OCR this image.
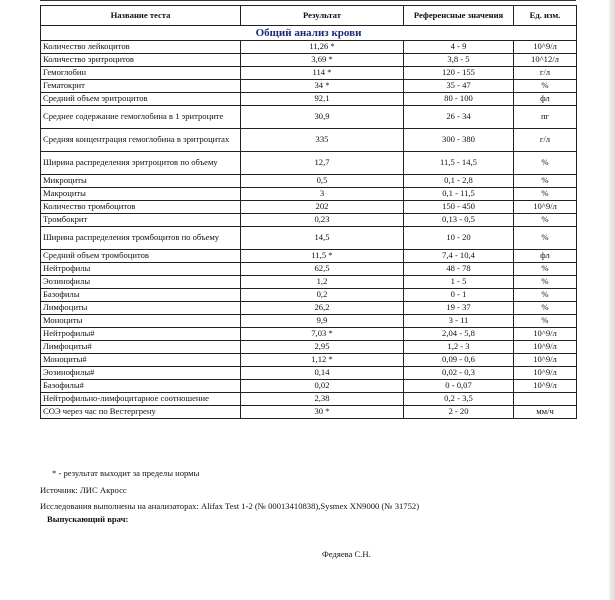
Название теста	Результат	Референсные значения	Ед. изм.
Общий анализ крови			
Количество лейкоцитов	11,26 *	4 - 9	10^9/л
Количество эритроцитов	3,69 *	3,8 - 5	10^12/л
Гемоглобин	114 *	120 - 155	г/л
Гематокрит	34 *	35 - 47	%
Средний объем эритроцитов	92,1	80 - 100	фл
Среднее содержание гемоглобина в 1 эритроците	30,9	26 - 34	пг
Средняя концентрация гемоглобина в эритроцитах	335	300 - 380	г/л
Ширина распределения эритроцитов по объему	12,7	11,5 - 14,5	%
Микроциты	0,5	0,1 - 2,8	%
Макроциты	3	0,1 - 11,5	%
Количество тромбоцитов	202	150 - 450	10^9/л
Тромбокрит	0,23	0,13 - 0,5	%
Ширина распределения тромбоцитов по объему	14,5	10 - 20	%
Средний объем тромбоцитов	11,5 *	7,4 - 10,4	фл
Нейтрофилы	62,5	48 - 78	%
Эозинофилы	1,2	1 - 5	%
Базофилы	0,2	0 - 1	%
Лимфоциты	26,2	19 - 37	%
Моноциты	9,9	3 - 11	%
Нейтрофилы#	7,03 *	2,04 - 5,8	10^9/л
Лимфоциты#	2,95	1,2 - 3	10^9/л
Моноциты#	1,12 *	0,09 - 0,6	10^9/л
Эозинофилы#	0,14	0,02 - 0,3	10^9/л
Базофилы#	0,02	0 - 0,07	10^9/л
Нейтрофильно-лимфоцитарное соотношение	2,38	0,2 - 3,5	
СОЭ через час по Вестергрену	30 *	2 - 20	мм/ч
* - результат выходит за пределы нормы
Источник: ЛИС Акросс
Исследования выполнены на анализаторах: Alifax Test 1-2 (№ 00013410838),Sysmex XN9000 (№ 31752)
Выпускающий врач:
Федяева С.Н.
